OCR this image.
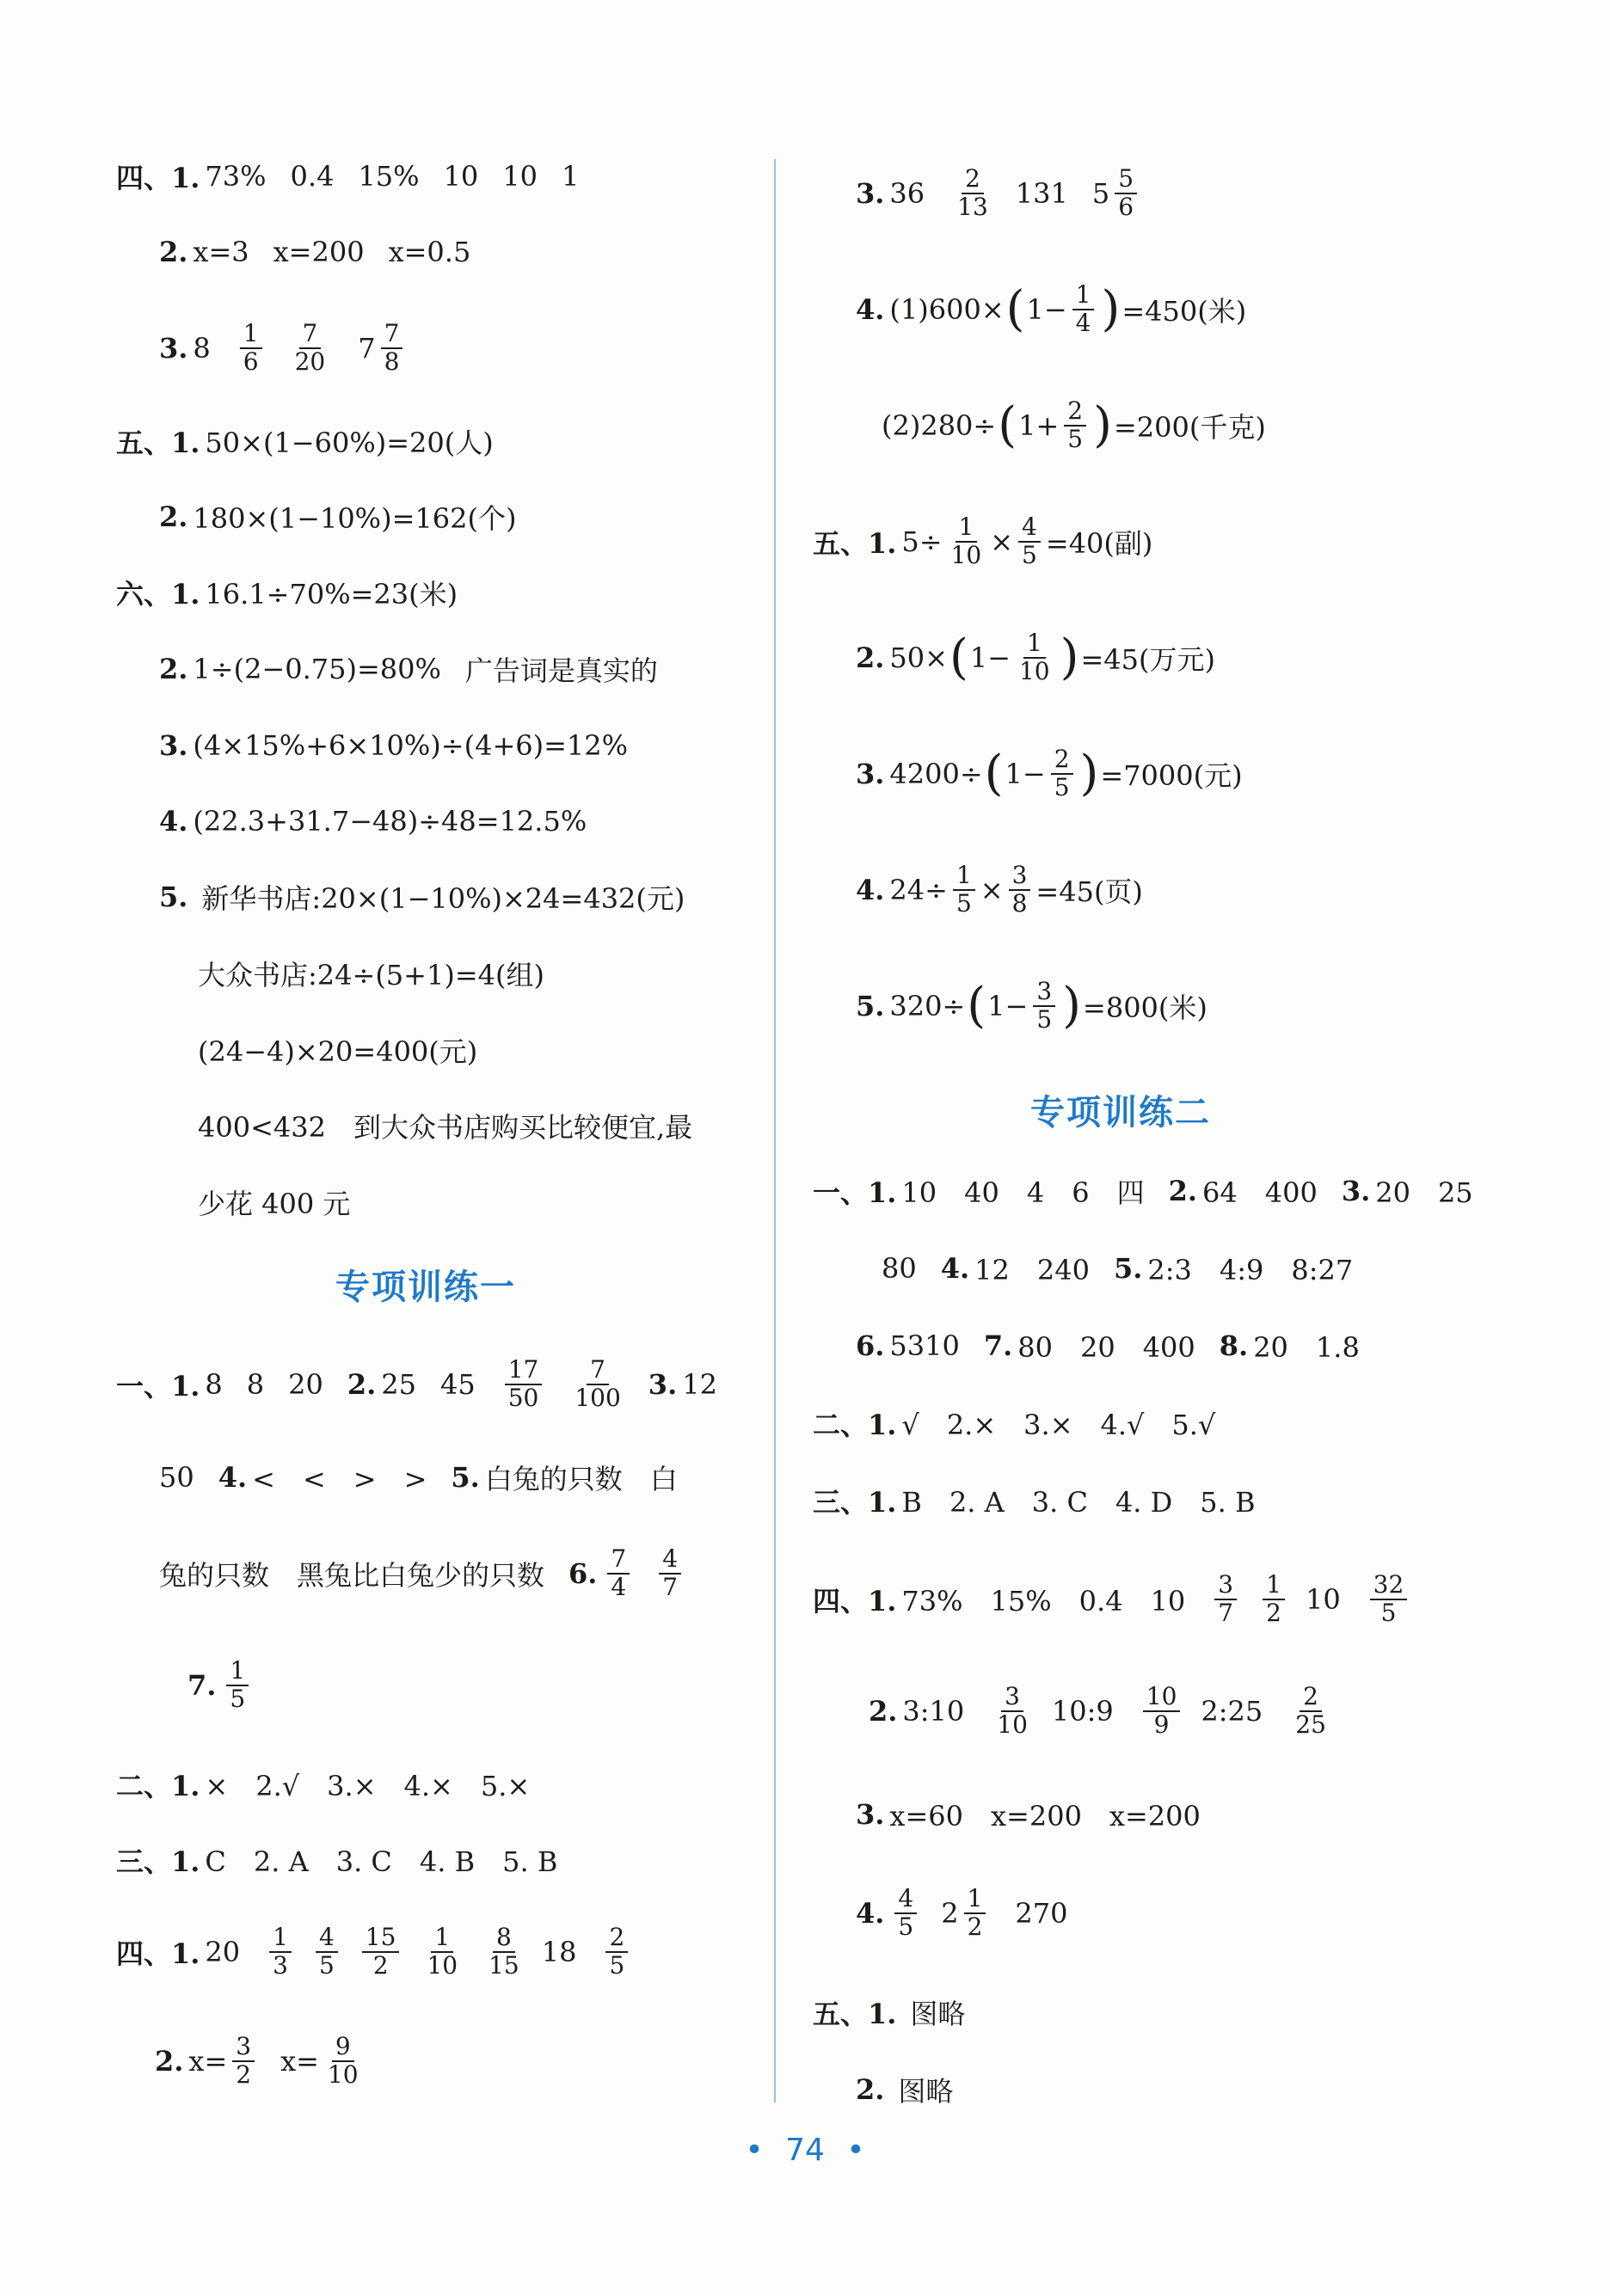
四、1. 73% 0.4 15% 10 10 1
2. x=3 x=200 x=0.5
3. $8 \frac{1}{6} \frac{7}{20} 7 \frac{7}{8}$
五、1. 50×(1−60%)=20(人)
2. 180×(1−10%)=162(个)
六、1. 16.1÷70%=23(米)
2. 1÷(2−0.75)=80% 广告词是真实的
3. (4×15%+6×10%)÷(4+6)=12%
4. (22.3+31.7−48)÷48=12.5%
5. 新华书店:20×(1−10%)×24=432(元)
大众书店:24÷(5+1)=4(组)
(24−4)×20=400(元)
400<432　到大众书店购买比较便宜,最
少花 400 元
专项训练一
一、1. 8 8 20 2. 25 $45 \frac{17}{50} \frac{7}{100} 3$. 12
50 4. <　<　>　> 5. 白兔的只数　白
兔的只数　黑兔比白兔少的只数 6. $\frac{7}{4} \frac{4}{7}$
7. $\frac{1}{5}$
二、1. ×　2.√　3.×　4.×　5.×
三、1. C　2. A　3. C　4. B　5. B
四、1. $20 \frac{1}{3} \frac{4}{5} \frac{15}{2} \frac{1}{10} \frac{8}{15} 18 \frac{2}{5}$
2. $x= \frac{3}{2} x= \frac{9}{10}$
3. $36 \frac{2}{13} 131$ $5 \frac{5}{6}$
4. (1)600× ( $1- \frac{1}{4}$ ) =450(米)
(2)280÷ ( $1+ \frac{2}{5}$ ) =200(千克)
五、1. $5\div \frac{1}{10} \times \frac{4}{5} =40$(副)
2. 50× ( $1- \frac{1}{10}$ ) =45(万元)
3. 4200÷ ( $1- \frac{2}{5}$ ) =7000(元)
4. $24\div \frac{1}{5} \times \frac{3}{8} =45$(页)
5. 320÷ ( $1- \frac{3}{5}$ ) =800(米)
专项训练二
一、1. 10　40　4　6　四 2. 64　400 3. 20　25
80 4. 12　240 5. 2:3　4:9　8:27
6. 5310 7. 80　20　400 8. 20　1.8
二、1. √　2.×　3.×　4.√　5.√
三、1. B　2. A　3. C　4. D　5. B
四、1. 73%　15%　0.4　$10 \frac{3}{7} \frac{1}{2} 10 \frac{32}{5}$
2. 3:10 $\frac{3}{10}$ 10:9 $\frac{10}{9}$ 2:25 $\frac{2}{25}$
3. x=60　x=200　x=200
4. $\frac{4}{5} 2 \frac{1}{2} 270$
五、1. 图略
2. 图略
• 74 •
